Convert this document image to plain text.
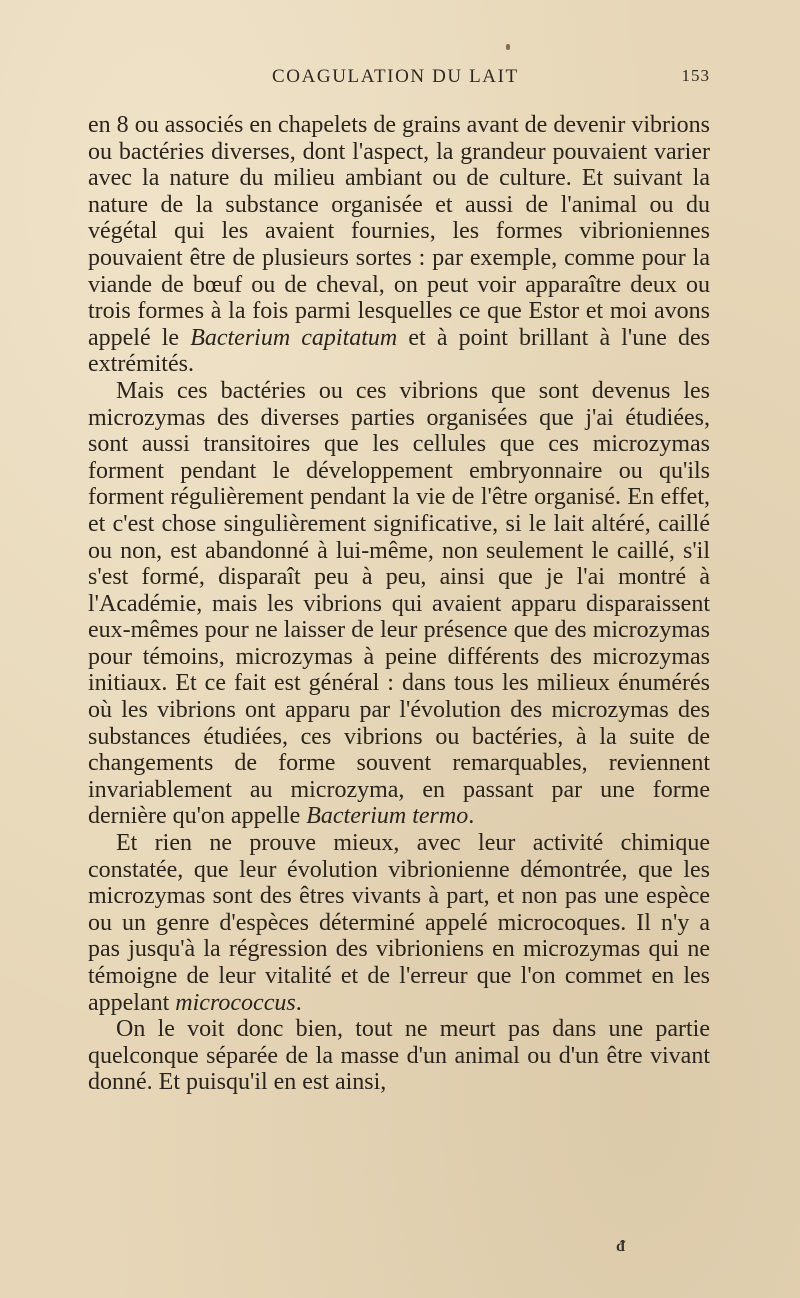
COAGULATION DU LAIT	153

en 8 ou associés en chapelets de grains avant de devenir vibrions ou bactéries diverses, dont l'aspect, la grandeur pouvaient varier avec la nature du milieu ambiant ou de culture. Et suivant la nature de la substance organisée et aussi de l'animal ou du végétal qui les avaient fournies, les formes vibrioniennes pouvaient être de plusieurs sortes : par exemple, comme pour la viande de bœuf ou de cheval, on peut voir apparaître deux ou trois formes à la fois parmi lesquelles ce que Estor et moi avons appelé le Bacterium capitatum et à point brillant à l'une des extrémités.

Mais ces bactéries ou ces vibrions que sont devenus les microzymas des diverses parties organisées que j'ai étudiées, sont aussi transitoires que les cellules que ces microzymas forment pendant le développement embryonnaire ou qu'ils forment régulièrement pendant la vie de l'être organisé. En effet, et c'est chose singulièrement significative, si le lait altéré, caillé ou non, est abandonné à lui-même, non seulement le caillé, s'il s'est formé, disparaît peu à peu, ainsi que je l'ai montré à l'Académie, mais les vibrions qui avaient apparu disparaissent eux-mêmes pour ne laisser de leur présence que des microzymas pour témoins, microzymas à peine différents des microzymas initiaux. Et ce fait est général : dans tous les milieux énumérés où les vibrions ont apparu par l'évolution des microzymas des substances étudiées, ces vibrions ou bactéries, à la suite de changements de forme souvent remarquables, reviennent invariablement au microzyma, en passant par une forme dernière qu'on appelle Bacterium termo.

Et rien ne prouve mieux, avec leur activité chimique constatée, que leur évolution vibrionienne démontrée, que les microzymas sont des êtres vivants à part, et non pas une espèce ou un genre d'espèces déterminé appelé microcoques. Il n'y a pas jusqu'à la régression des vibrioniens en microzymas qui ne témoigne de leur vitalité et de l'erreur que l'on commet en les appelant micrococcus.

On le voit donc bien, tout ne meurt pas dans une partie quelconque séparée de la masse d'un animal ou d'un être vivant donné. Et puisqu'il en est ainsi,

ᵭ
